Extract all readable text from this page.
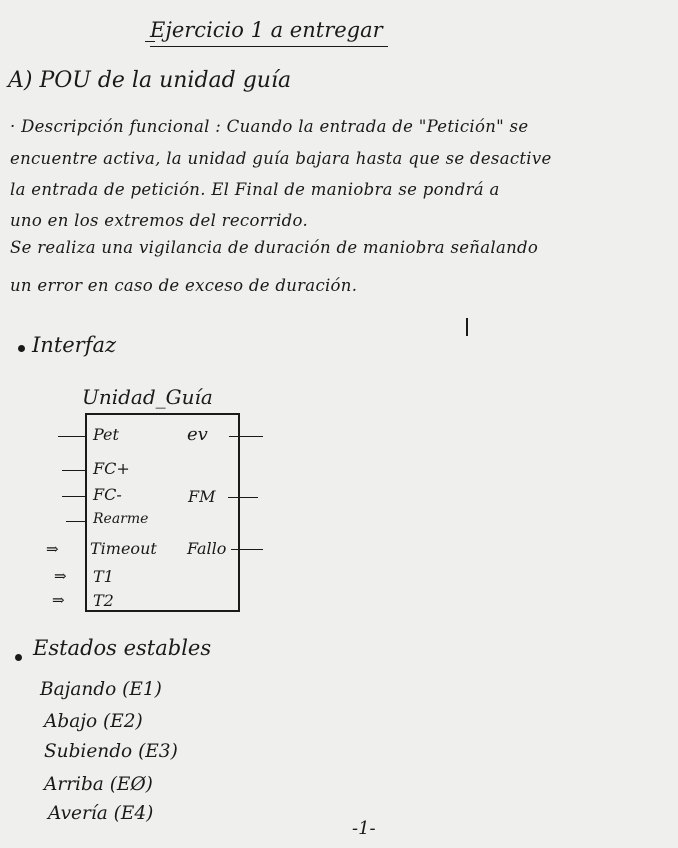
Ejercicio 1 a entregar
A) POU de la unidad guía
· Descripción funcional : Cuando la entrada de "Petición" se
encuentre activa, la unidad guía bajara hasta que se desactive
la entrada de petición. El Final de maniobra se pondrá a
uno en los extremos del recorrido.
Se realiza una vigilancia de duración de maniobra señalando
un error en caso de exceso de duración.
Interfaz
Unidad_Guía
Pet
FC+
FC-
Rearme
Timeout
T1
T2
⇒
⇒
⇒
ev
FM
Fallo
Estados estables
Bajando (E1)
Abajo (E2)
Subiendo (E3)
Arriba (EØ)
Avería (E4)
-1-
